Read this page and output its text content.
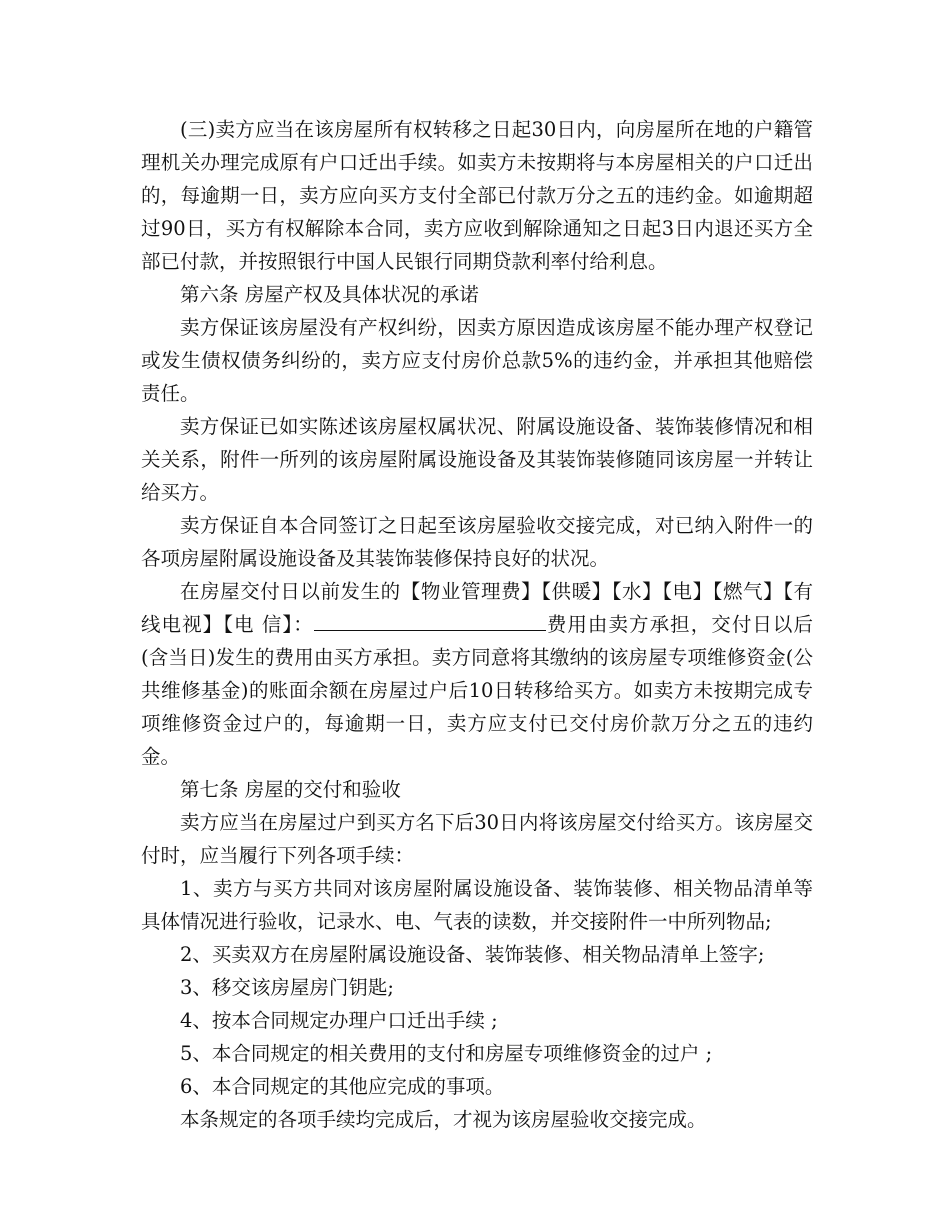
(三)卖方应当在该房屋所有权转移之日起30日内，向房屋所在地的户籍管理机关办理完成原有户口迁出手续。如卖方未按期将与本房屋相关的户口迁出的，每逾期一日，卖方应向买方支付全部已付款万分之五的违约金。如逾期超过90日，买方有权解除本合同，卖方应收到解除通知之日起3日内退还买方全部已付款，并按照银行中国人民银行同期贷款利率付给利息。

第六条 房屋产权及具体状况的承诺

卖方保证该房屋没有产权纠纷，因卖方原因造成该房屋不能办理产权登记或发生债权债务纠纷的，卖方应支付房价总款5%的违约金，并承担其他赔偿责任。

卖方保证已如实陈述该房屋权属状况、附属设施设备、装饰装修情况和相关关系，附件一所列的该房屋附属设施设备及其装饰装修随同该房屋一并转让给买方。

卖方保证自本合同签订之日起至该房屋验收交接完成，对已纳入附件一的各项房屋附属设施设备及其装饰装修保持良好的状况。

在房屋交付日以前发生的【物业管理费】【供暖】【水】【电】【燃气】【有线电视】【电 信】：	费用由卖方承担，交付日以后(含当日)发生的费用由买方承担。卖方同意将其缴纳的该房屋专项维修资金(公共维修基金)的账面余额在房屋过户后10日转移给买方。如卖方未按期完成专项维修资金过户的，每逾期一日，卖方应支付已交付房价款万分之五的违约金。

第七条 房屋的交付和验收

卖方应当在房屋过户到买方名下后30日内将该房屋交付给买方。该房屋交付时，应当履行下列各项手续：

1、卖方与买方共同对该房屋附属设施设备、装饰装修、相关物品清单等具体情况进行验收，记录水、电、气表的读数，并交接附件一中所列物品;

2、买卖双方在房屋附属设施设备、装饰装修、相关物品清单上签字;

3、移交该房屋房门钥匙;

4、按本合同规定办理户口迁出手续 ;

5、本合同规定的相关费用的支付和房屋专项维修资金的过户 ;

6、本合同规定的其他应完成的事项。

本条规定的各项手续均完成后，才视为该房屋验收交接完成。
